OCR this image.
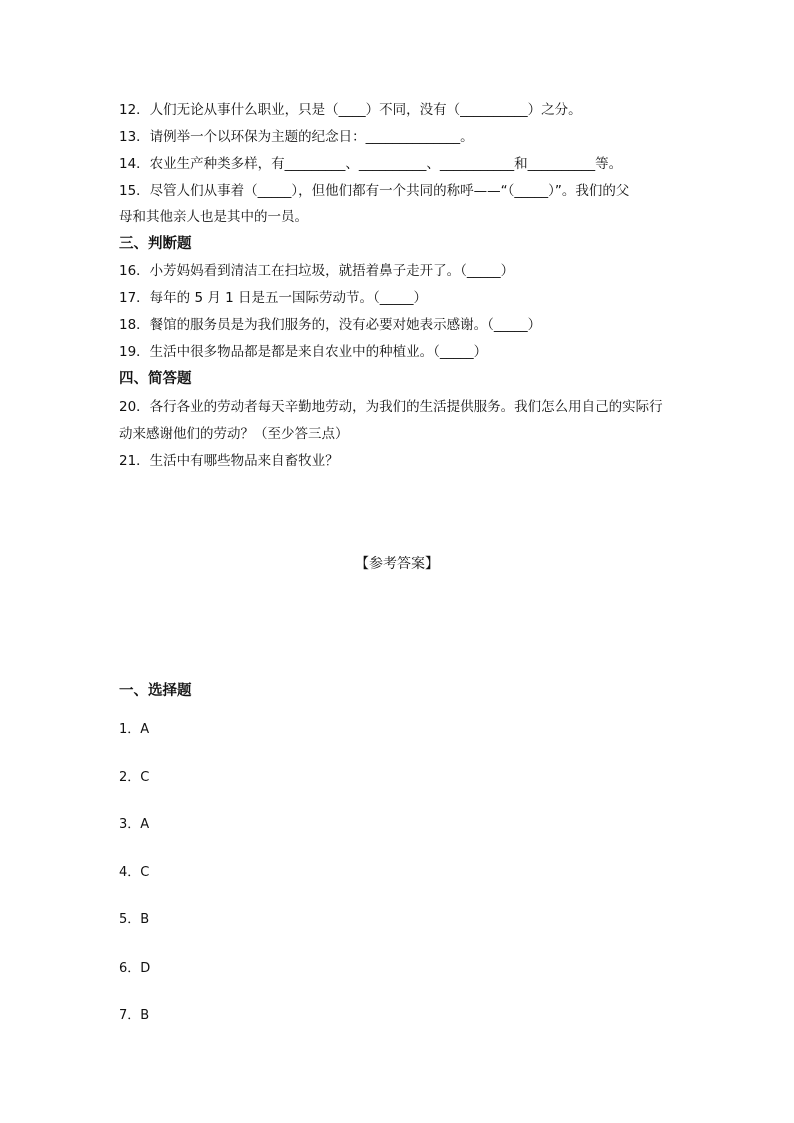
12．人们无论从事什么职业，只是（____）不同，没有（__________）之分。
13．请例举一个以环保为主题的纪念日：______________。
14．农业生产种类多样，有_________、__________、___________和__________等。
15．尽管人们从事着（_____），但他们都有一个共同的称呼——“（_____）”。我们的父
母和其他亲人也是其中的一员。
三、判断题
16．小芳妈妈看到清洁工在扫垃圾，就捂着鼻子走开了。（_____）
17．每年的 5 月 1 日是五一国际劳动节。（_____）
18．餐馆的服务员是为我们服务的，没有必要对她表示感谢。（_____）
19．生活中很多物品都是都是来自农业中的种植业。（_____）
四、简答题
20．各行各业的劳动者每天辛勤地劳动，为我们的生活提供服务。我们怎么用自己的实际行
动来感谢他们的劳动？（至少答三点）
21．生活中有哪些物品来自畜牧业？
【参考答案】
一、选择题
1．A
2．C
3．A
4．C
5．B
6．D
7．B
